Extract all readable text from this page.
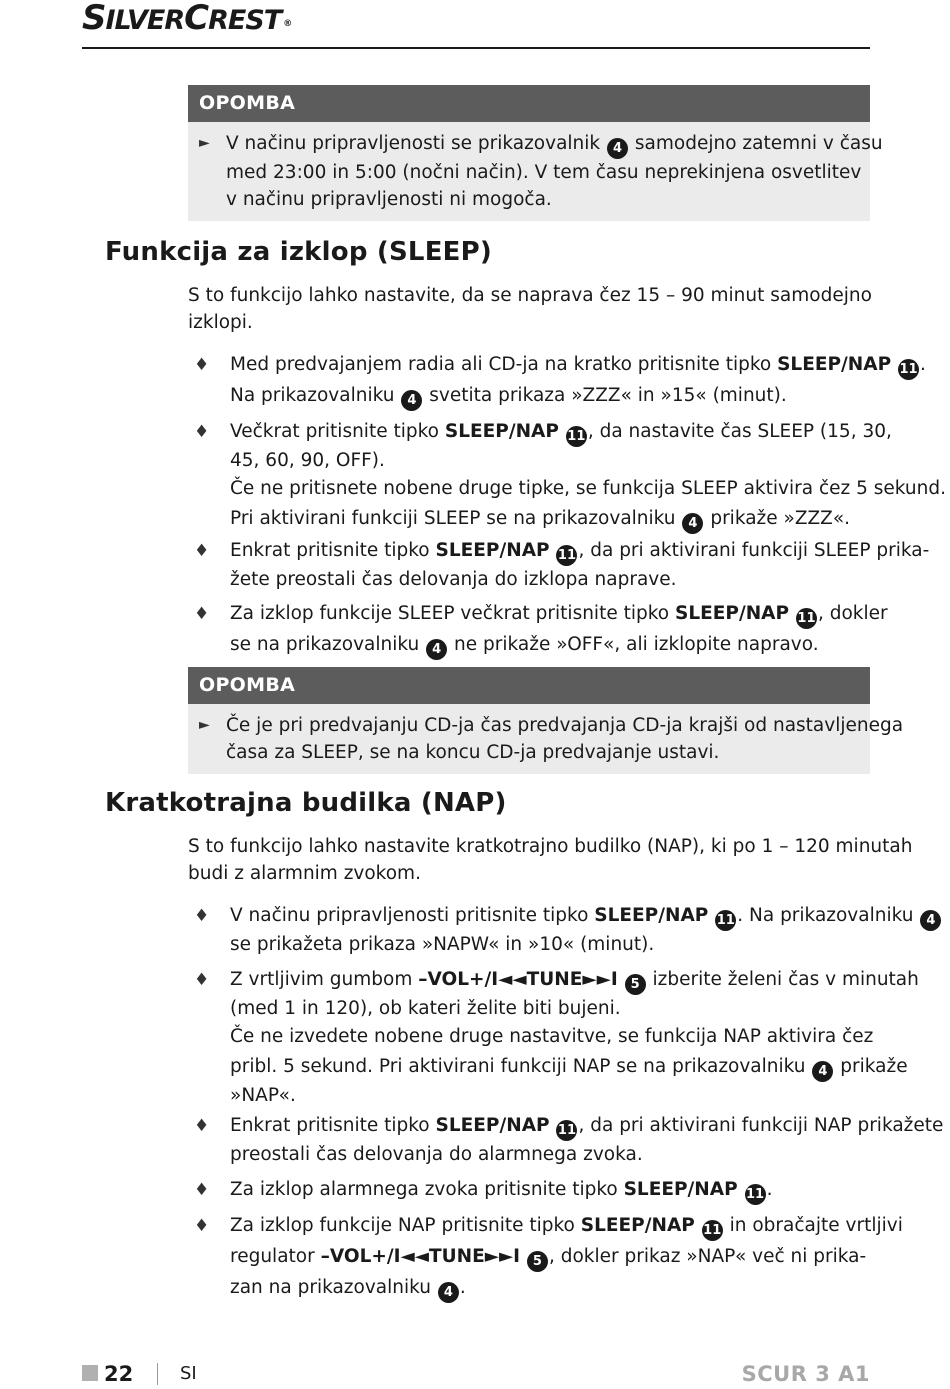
SILVERCREST ®
OPOMBA
► V načinu pripravljenosti se prikazovalnik 4 samodejno zatemni v času
med 23:00 in 5:00 (nočni način). V tem času neprekinjena osvetlitev
v načinu pripravljenosti ni mogoča.
Funkcija za izklop (SLEEP)
S to funkcijo lahko nastavite, da se naprava čez 15 – 90 minut samodejno
izklopi.
♦ Med predvajanjem radia ali CD-ja na kratko pritisnite tipko SLEEP/NAP 11 .
Na prikazovalniku 4 svetita prikaza »ZZZ« in »15« (minut).
♦ Večkrat pritisnite tipko SLEEP/NAP 11 , da nastavite čas SLEEP (15, 30,
45, 60, 90, OFF).
Če ne pritisnete nobene druge tipke, se funkcija SLEEP aktivira čez 5 sekund.
Pri aktivirani funkciji SLEEP se na prikazovalniku 4 prikaže »ZZZ«.
♦ Enkrat pritisnite tipko SLEEP/NAP 11 , da pri aktivirani funkciji SLEEP prika-
žete preostali čas delovanja do izklopa naprave.
♦ Za izklop funkcije SLEEP večkrat pritisnite tipko SLEEP/NAP 11 , dokler
se na prikazovalniku 4 ne prikaže »OFF«, ali izklopite napravo.
OPOMBA
► Če je pri predvajanju CD-ja čas predvajanja CD-ja krajši od nastavljenega
časa za SLEEP, se na koncu CD-ja predvajanje ustavi.
Kratkotrajna budilka (NAP)
S to funkcijo lahko nastavite kratkotrajno budilko (NAP), ki po 1 – 120 minutah
budi z alarmnim zvokom.
♦ V načinu pripravljenosti pritisnite tipko SLEEP/NAP 11 . Na prikazovalniku 4
se prikažeta prikaza »NAPW« in »10« (minut).
♦ Z vrtljivim gumbom –VOL+/I◄◄TUNE►►I 5 izberite želeni čas v minutah
(med 1 in 120), ob kateri želite biti bujeni.
Če ne izvedete nobene druge nastavitve, se funkcija NAP aktivira čez
pribl. 5 sekund. Pri aktivirani funkciji NAP se na prikazovalniku 4 prikaže
»NAP«.
♦ Enkrat pritisnite tipko SLEEP/NAP 11 , da pri aktivirani funkciji NAP prikažete
preostali čas delovanja do alarmnega zvoka.
♦ Za izklop alarmnega zvoka pritisnite tipko SLEEP/NAP 11 .
♦ Za izklop funkcije NAP pritisnite tipko SLEEP/NAP 11 in obračajte vrtljivi
regulator –VOL+/I◄◄TUNE►►I 5 , dokler prikaz »NAP« več ni prika-
zan na prikazovalniku 4 .
22	SI	SCUR 3 A1
